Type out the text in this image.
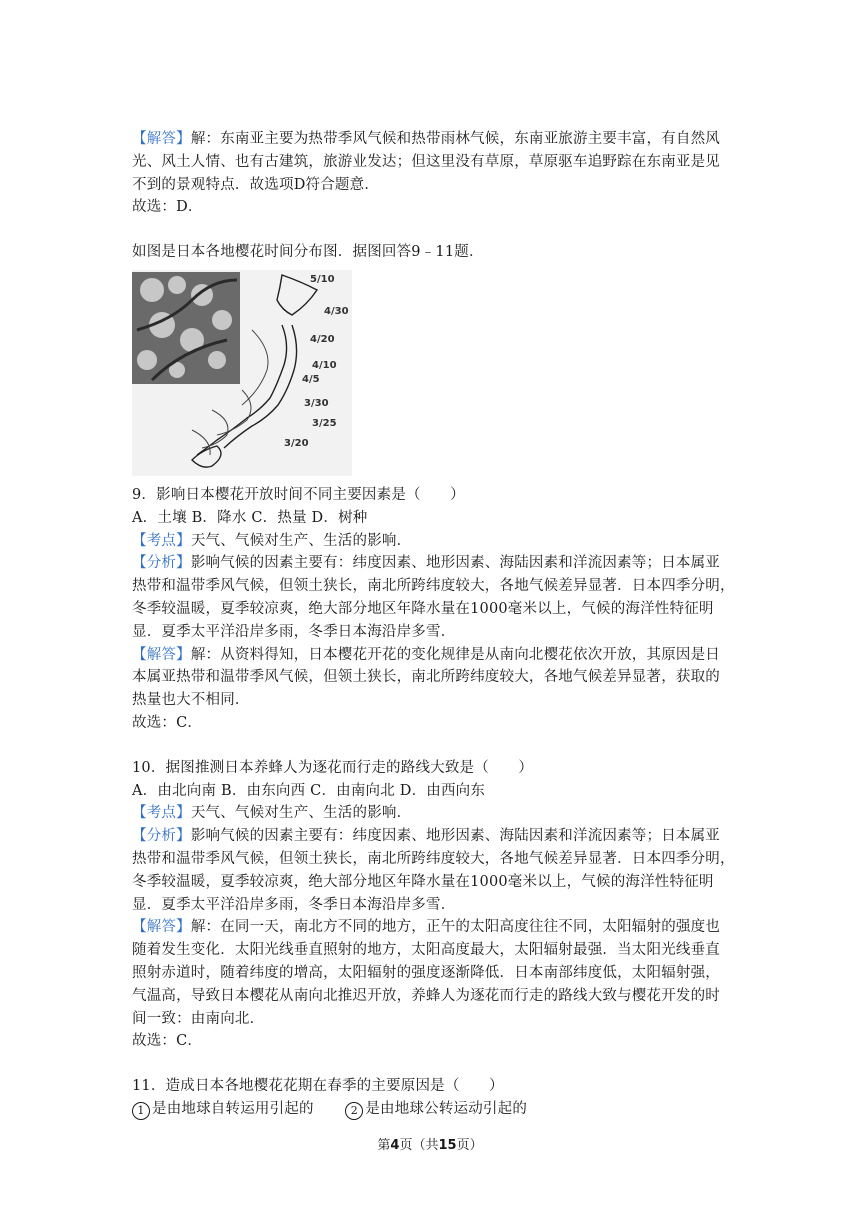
【解答】解：东南亚主要为热带季风气候和热带雨林气候，东南亚旅游主要丰富，有自然风
光、风土人情、也有古建筑，旅游业发达；但这里没有草原，草原驱车追野踪在东南亚是见
不到的景观特点．故选项D符合题意．
故选：D．
如图是日本各地樱花时间分布图．据图回答9﹣11题．
5/10
4/30
4/20
4/10
4/5
3/30
3/25
3/20
9．影响日本樱花开放时间不同主要因素是（　　）
A．土壤 B．降水 C．热量 D．树种
【考点】天气、气候对生产、生活的影响．
【分析】影响气候的因素主要有：纬度因素、地形因素、海陆因素和洋流因素等；日本属亚
热带和温带季风气候，但领土狭长，南北所跨纬度较大，各地气候差异显著．日本四季分明，
冬季较温暖，夏季较凉爽，绝大部分地区年降水量在1000毫米以上，气候的海洋性特征明
显．夏季太平洋沿岸多雨，冬季日本海沿岸多雪．
【解答】解：从资料得知，日本樱花开花的变化规律是从南向北樱花依次开放，其原因是日
本属亚热带和温带季风气候，但领土狭长，南北所跨纬度较大，各地气候差异显著，获取的
热量也大不相同．
故选：C．
10．据图推测日本养蜂人为逐花而行走的路线大致是（　　）
A．由北向南 B．由东向西 C．由南向北 D．由西向东
【考点】天气、气候对生产、生活的影响．
【分析】影响气候的因素主要有：纬度因素、地形因素、海陆因素和洋流因素等；日本属亚
热带和温带季风气候，但领土狭长，南北所跨纬度较大，各地气候差异显著．日本四季分明，
冬季较温暖，夏季较凉爽，绝大部分地区年降水量在1000毫米以上，气候的海洋性特征明
显．夏季太平洋沿岸多雨，冬季日本海沿岸多雪．
【解答】解：在同一天，南北方不同的地方，正午的太阳高度往往不同，太阳辐射的强度也
随着发生变化．太阳光线垂直照射的地方，太阳高度最大，太阳辐射最强．当太阳光线垂直
照射赤道时，随着纬度的增高，太阳辐射的强度逐渐降低．日本南部纬度低，太阳辐射强，
气温高，导致日本樱花从南向北推迟开放，养蜂人为逐花而行走的路线大致与樱花开发的时
间一致：由南向北．
故选：C．
11．造成日本各地樱花花期在春季的主要原因是（　　）
1 是由地球自转运用引起的	2 是由地球公转运动引起的
第4页（共15页）
